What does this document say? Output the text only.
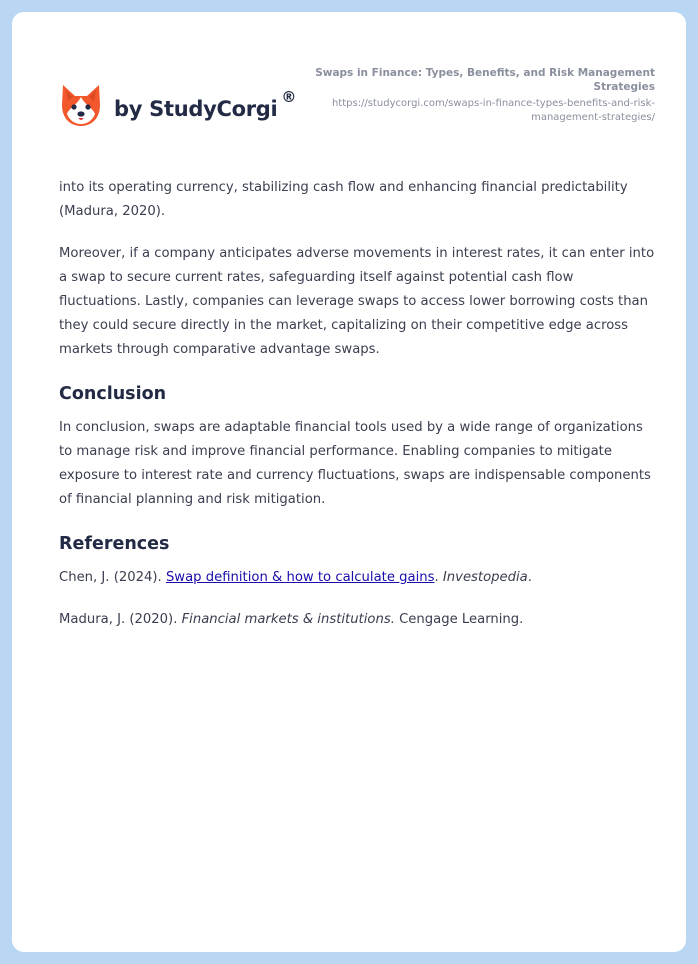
by StudyCorgi ®
Swaps in Finance: Types, Benefits, and Risk Management Strategies
https://studycorgi.com/swaps-in-finance-types-benefits-and-risk-management-strategies/

into its operating currency, stabilizing cash flow and enhancing financial predictability (Madura, 2020).

Moreover, if a company anticipates adverse movements in interest rates, it can enter into a swap to secure current rates, safeguarding itself against potential cash flow fluctuations. Lastly, companies can leverage swaps to access lower borrowing costs than they could secure directly in the market, capitalizing on their competitive edge across markets through comparative advantage swaps.

Conclusion

In conclusion, swaps are adaptable financial tools used by a wide range of organizations to manage risk and improve financial performance. Enabling companies to mitigate exposure to interest rate and currency fluctuations, swaps are indispensable components of financial planning and risk mitigation.

References

Chen, J. (2024). Swap definition & how to calculate gains. Investopedia.

Madura, J. (2020). Financial markets & institutions. Cengage Learning.
